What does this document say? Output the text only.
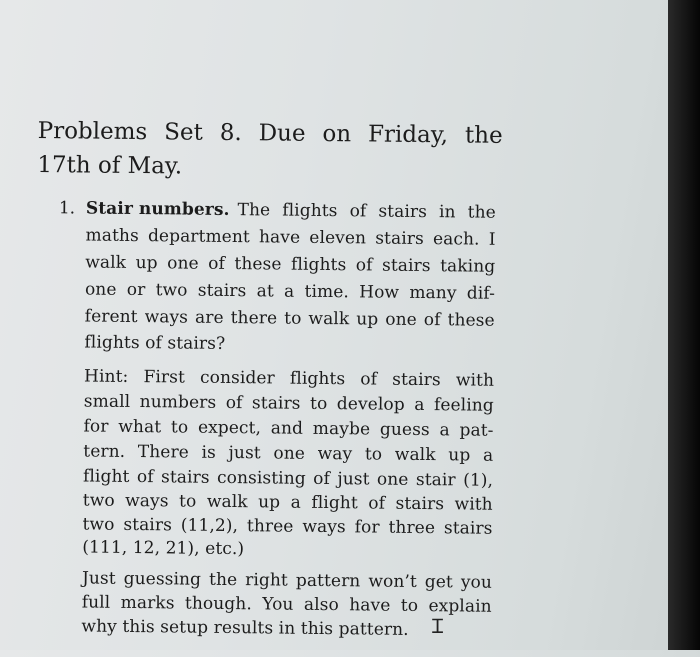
Problems Set 8. Due on Friday, the
17th of May.
1. Stair numbers. The flights of stairs in the
maths department have eleven stairs each. I
walk up one of these flights of stairs taking
one or two stairs at a time. How many dif-
ferent ways are there to walk up one of these
flights of stairs?
Hint: First consider flights of stairs with
small numbers of stairs to develop a feeling
for what to expect, and maybe guess a pat-
tern. There is just one way to walk up a
flight of stairs consisting of just one stair (1),
two ways to walk up a flight of stairs with
two stairs (11,2), three ways for three stairs
(111, 12, 21), etc.)
Just guessing the right pattern won’t get you
full marks though. You also have to explain
why this setup results in this pattern.	Ɪ
